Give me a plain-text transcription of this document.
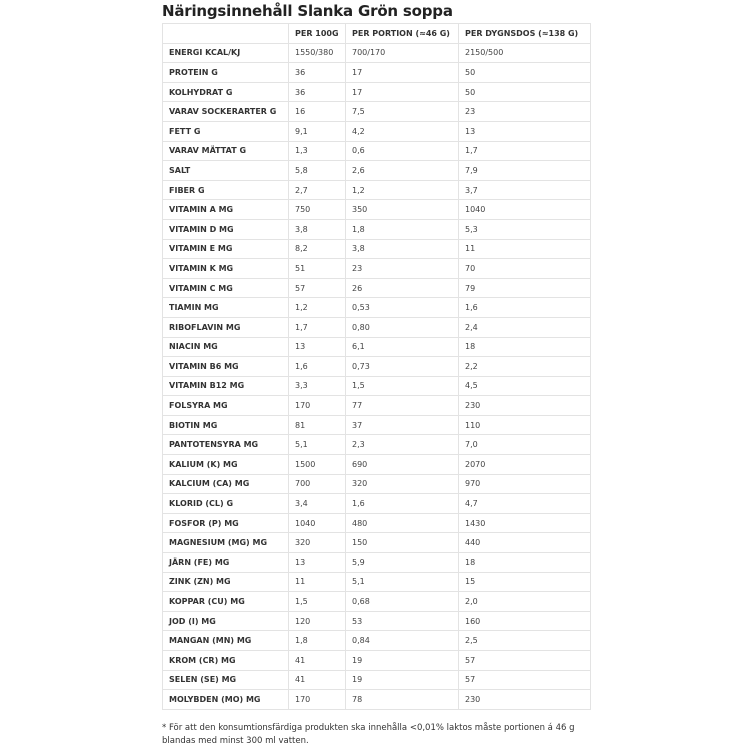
Näringsinnehåll Slanka Grön soppa
	PER 100G	PER PORTION (≈46 G)	PER DYGNSDOS (≈138 G)
ENERGI KCAL/KJ	1550/380	700/170	2150/500
PROTEIN G	36	17	50
KOLHYDRAT G	36	17	50
VARAV SOCKERARTER G	16	7,5	23
FETT G	9,1	4,2	13
VARAV MÄTTAT G	1,3	0,6	1,7
SALT	5,8	2,6	7,9
FIBER G	2,7	1,2	3,7
VITAMIN A MG	750	350	1040
VITAMIN D MG	3,8	1,8	5,3
VITAMIN E MG	8,2	3,8	11
VITAMIN K MG	51	23	70
VITAMIN C MG	57	26	79
TIAMIN MG	1,2	0,53	1,6
RIBOFLAVIN MG	1,7	0,80	2,4
NIACIN MG	13	6,1	18
VITAMIN B6 MG	1,6	0,73	2,2
VITAMIN B12 MG	3,3	1,5	4,5
FOLSYRA MG	170	77	230
BIOTIN MG	81	37	110
PANTOTENSYRA MG	5,1	2,3	7,0
KALIUM (K) MG	1500	690	2070
KALCIUM (CA) MG	700	320	970
KLORID (CL) G	3,4	1,6	4,7
FOSFOR (P) MG	1040	480	1430
MAGNESIUM (MG) MG	320	150	440
JÄRN (FE) MG	13	5,9	18
ZINK (ZN) MG	11	5,1	15
KOPPAR (CU) MG	1,5	0,68	2,0
JOD (I) MG	120	53	160
MANGAN (MN) MG	1,8	0,84	2,5
KROM (CR) MG	41	19	57
SELEN (SE) MG	41	19	57
MOLYBDEN (MO) MG	170	78	230
* För att den konsumtionsfärdiga produkten ska innehålla <0,01% laktos måste portionen á 46 g blandas med minst 300 ml vatten.
